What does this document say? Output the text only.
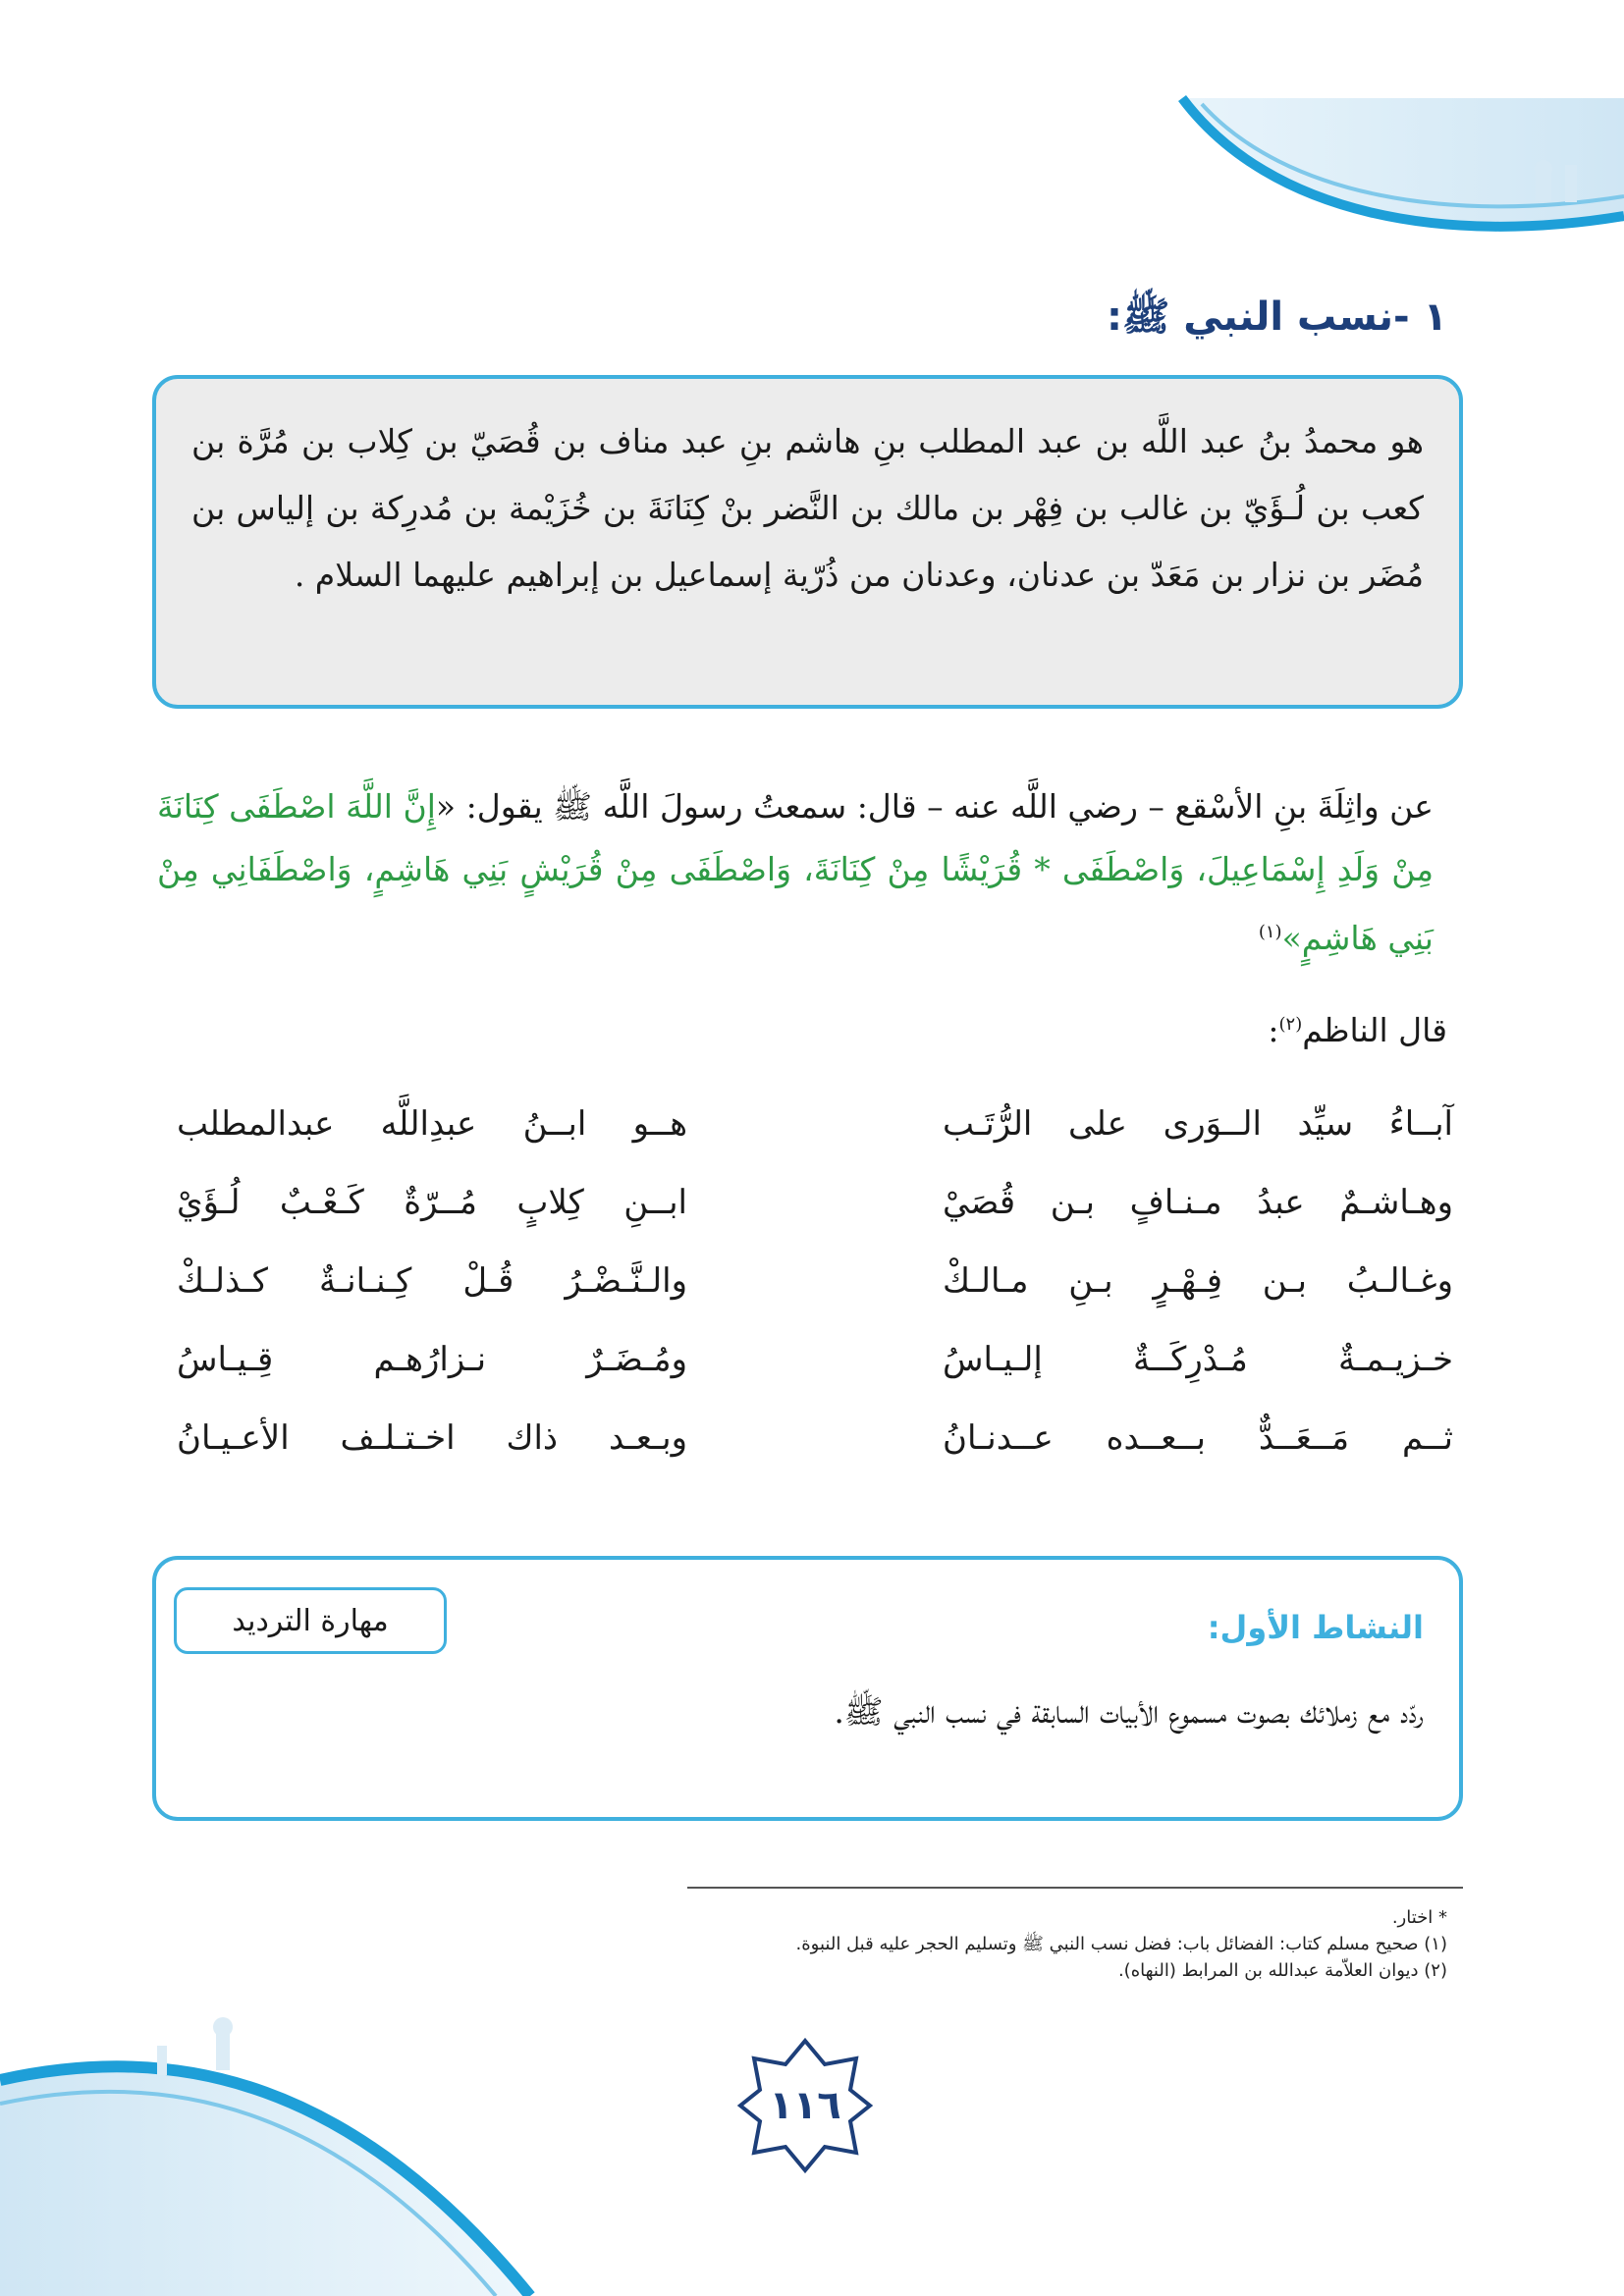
١ -نسب النبي ﷺ:
هو محمدُ بنُ عبد اللَّه بن عبد المطلب بنِ هاشم بنِ عبد مناف بن قُصَيّ بن كِلاب بن مُرَّة بن كعب بن لُـؤَيّ بن غالب بن فِهْر بن مالك بن النَّضر بنْ كِنَانَةَ بن خُزَيْمة بن مُدرِكة بن إلياس بن مُضَر بن نزار بن مَعَدّ بن عدنان، وعدنان من ذُرّية إسماعيل بن إبراهيم عليهما السلام .
عن واثِلَةَ بنِ الأسْقع – رضي اللَّه عنه – قال: سمعتُ رسولَ اللَّه ﷺ يقول: «إِنَّ اللَّهَ اصْطَفَى كِنَانَةَ مِنْ وَلَدِ إِسْمَاعِيلَ، وَاصْطَفَى * قُرَيْشًا مِنْ كِنَانَةَ، وَاصْطَفَى مِنْ قُرَيْشٍ بَنِي هَاشِمٍ، وَاصْطَفَانِي مِنْ بَنِي هَاشِمٍ»$^{(١)}$
قال الناظم$^{(٢)}$:
هــو ابــنُ عبدِاللَّه عبدالمطلب	آبــاءُ سيِّد الــوَرى على الرُّتَـب
ابــنِ كِلابٍ مُــرّةٌ كَـعْـبٌ لُـؤَيْ	وهـاشـمٌ عبدُ مـنـافٍ بـن قُصَيْ
والـنَّـضْـرُ قُـلْ كِـنـانـةٌ كـذلـكْ	وغـالـبُ بـن فِـهْـرٍ بـنِ مـالـكْ
ومُـضَـرٌ نـزارُهـم قِـيـاسُ	خـزيـمـةٌ مُـدْرِكَــةٌ إلـيـاسُ
وبـعـد ذاك اخـتـلـف الأعـيـانُ	ثــم مَــعَــدٌّ بــعــده عــدنـانُ
النشاط الأول:
مهارة الترديد
ردّد مع زملائك بصوت مسموع الأبيات السابقة في نسب النبي ﷺ.
* اختار.
(١) صحيح مسلم كتاب: الفضائل باب: فضل نسب النبي ﷺ وتسليم الحجر عليه قبل النبوة.
(٢) ديوان العلاّمة عبدالله بن المرابط (النهاه).
١١٦
